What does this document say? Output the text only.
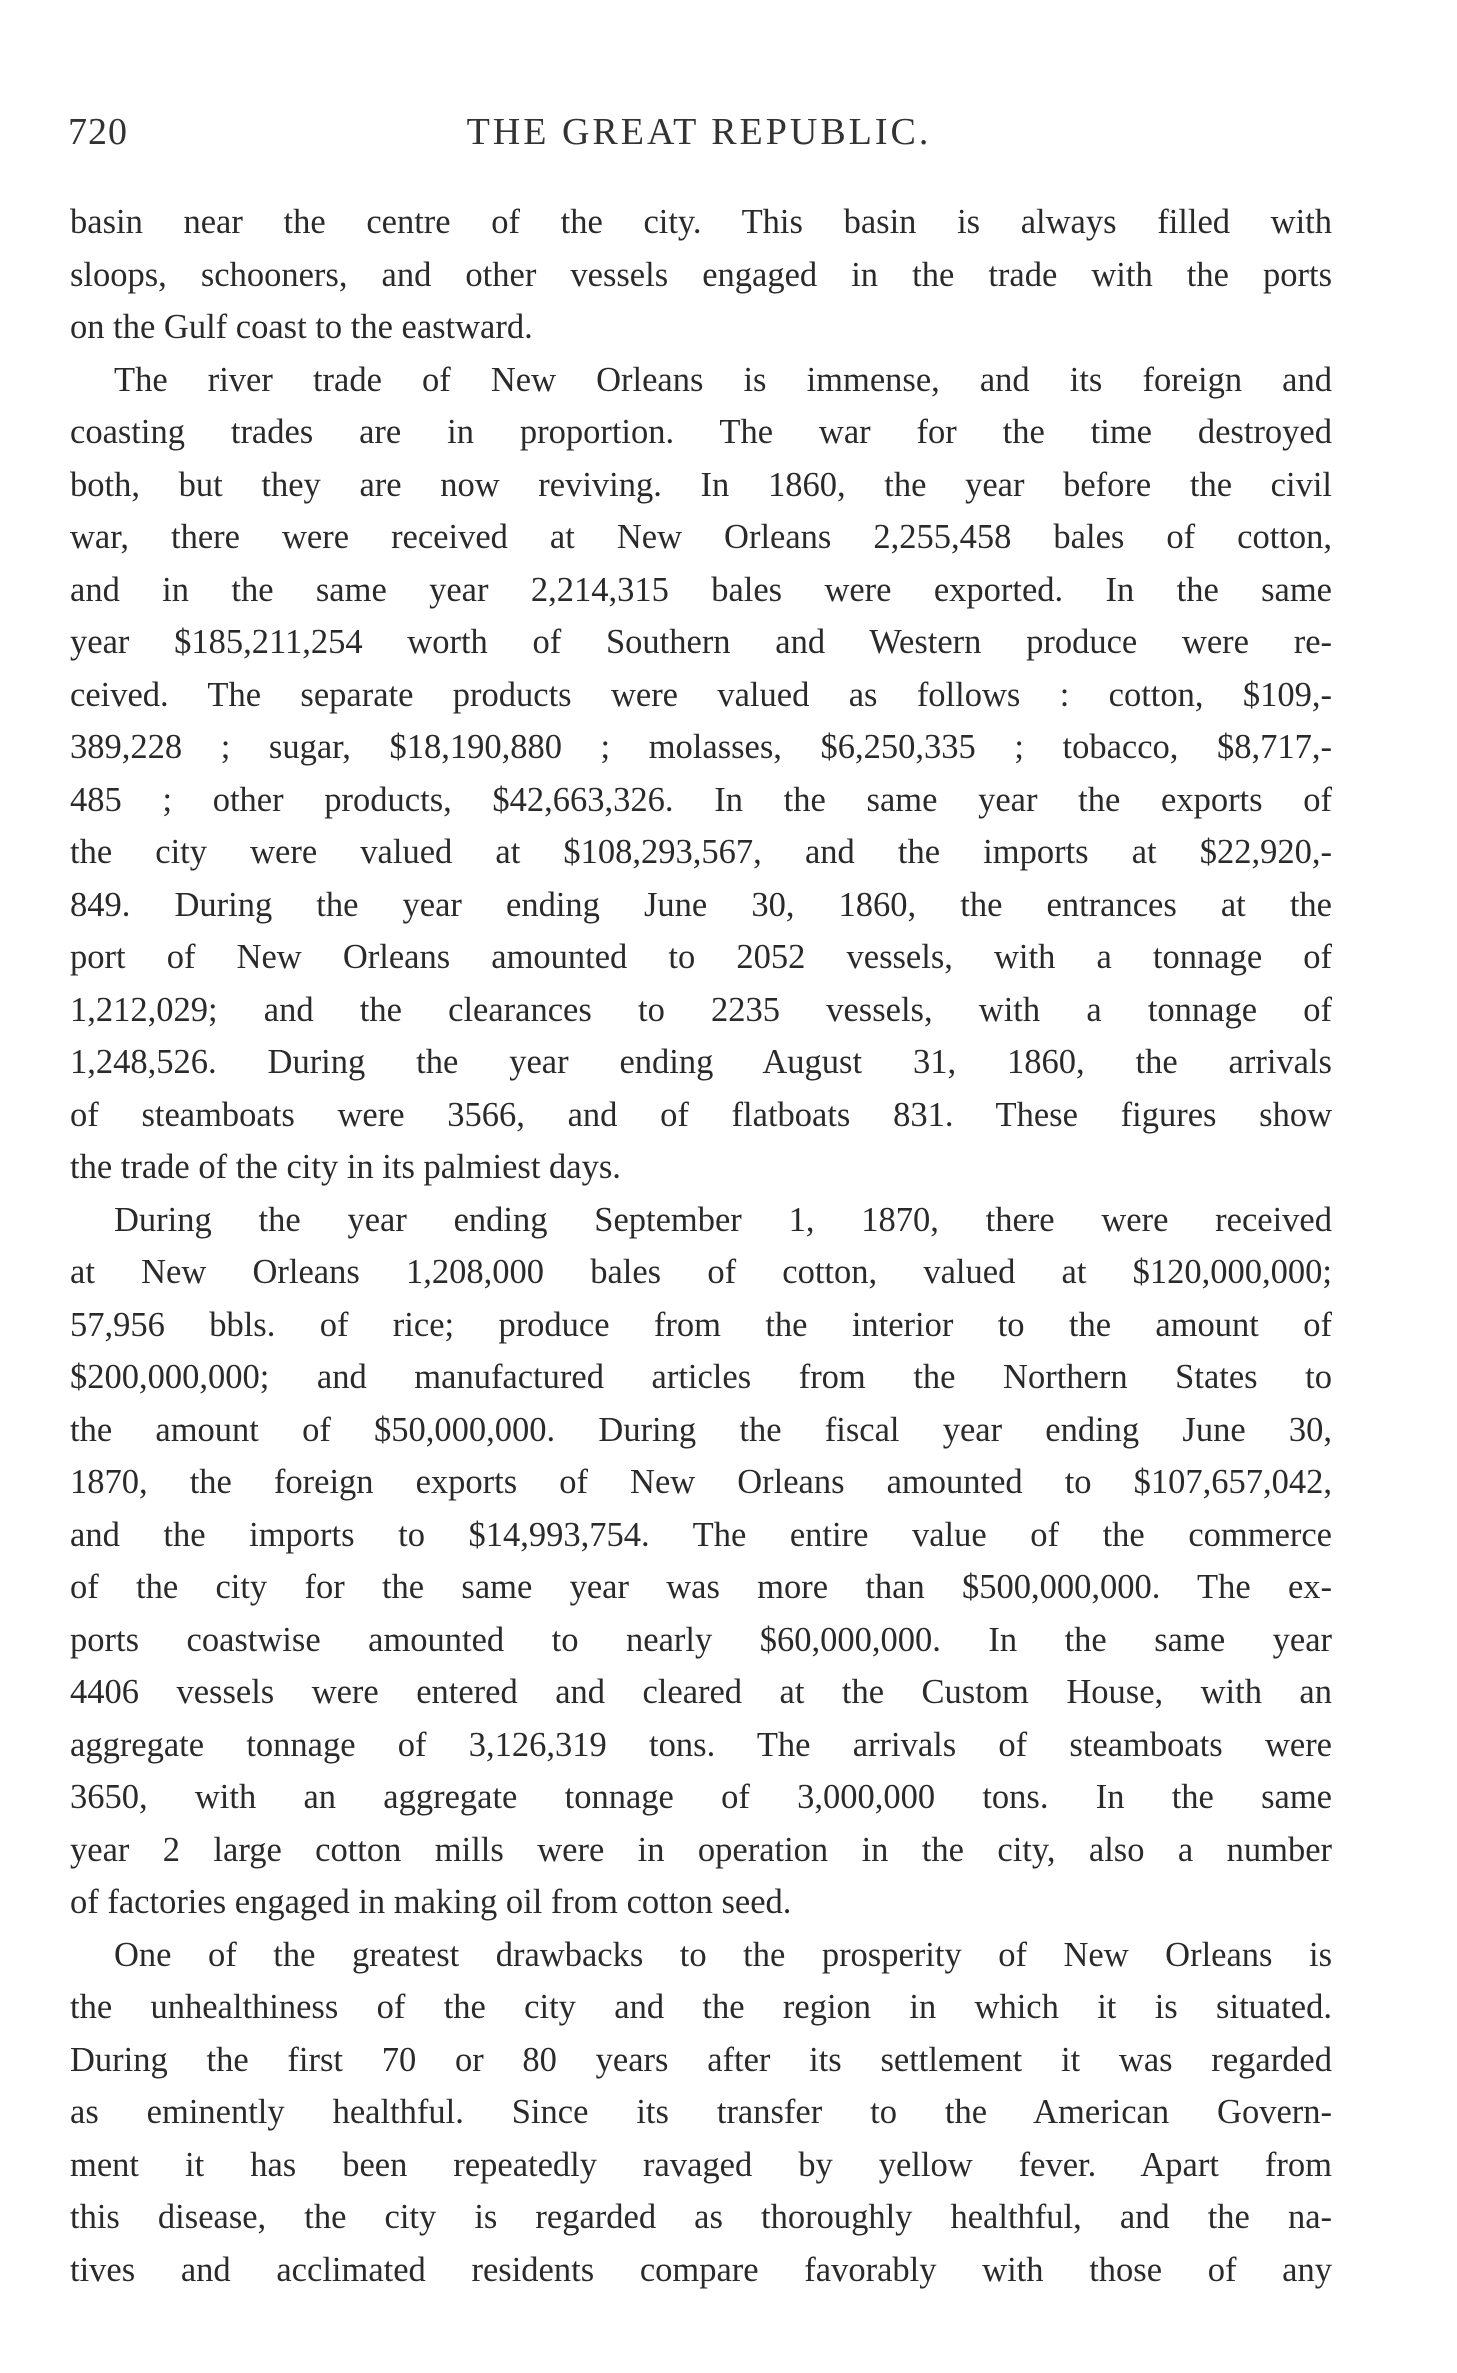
720	THE GREAT REPUBLIC.
basin near the centre of the city. This basin is always filled with
sloops, schooners, and other vessels engaged in the trade with the ports
on the Gulf coast to the eastward.
The river trade of New Orleans is immense, and its foreign and
coasting trades are in proportion. The war for the time destroyed
both, but they are now reviving. In 1860, the year before the civil
war, there were received at New Orleans 2,255,458 bales of cotton,
and in the same year 2,214,315 bales were exported. In the same
year $185,211,254 worth of Southern and Western produce were re-
ceived. The separate products were valued as follows : cotton, $109,-
389,228 ; sugar, $18,190,880 ; molasses, $6,250,335 ; tobacco, $8,717,-
485 ; other products, $42,663,326. In the same year the exports of
the city were valued at $108,293,567, and the imports at $22,920,-
849. During the year ending June 30, 1860, the entrances at the
port of New Orleans amounted to 2052 vessels, with a tonnage of
1,212,029; and the clearances to 2235 vessels, with a tonnage of
1,248,526. During the year ending August 31, 1860, the arrivals
of steamboats were 3566, and of flatboats 831. These figures show
the trade of the city in its palmiest days.
During the year ending September 1, 1870, there were received
at New Orleans 1,208,000 bales of cotton, valued at $120,000,000;
57,956 bbls. of rice; produce from the interior to the amount of
$200,000,000; and manufactured articles from the Northern States to
the amount of $50,000,000. During the fiscal year ending June 30,
1870, the foreign exports of New Orleans amounted to $107,657,042,
and the imports to $14,993,754. The entire value of the commerce
of the city for the same year was more than $500,000,000. The ex-
ports coastwise amounted to nearly $60,000,000. In the same year
4406 vessels were entered and cleared at the Custom House, with an
aggregate tonnage of 3,126,319 tons. The arrivals of steamboats were
3650, with an aggregate tonnage of 3,000,000 tons. In the same
year 2 large cotton mills were in operation in the city, also a number
of factories engaged in making oil from cotton seed.
One of the greatest drawbacks to the prosperity of New Orleans is
the unhealthiness of the city and the region in which it is situated.
During the first 70 or 80 years after its settlement it was regarded
as eminently healthful. Since its transfer to the American Govern-
ment it has been repeatedly ravaged by yellow fever. Apart from
this disease, the city is regarded as thoroughly healthful, and the na-
tives and acclimated residents compare favorably with those of any
